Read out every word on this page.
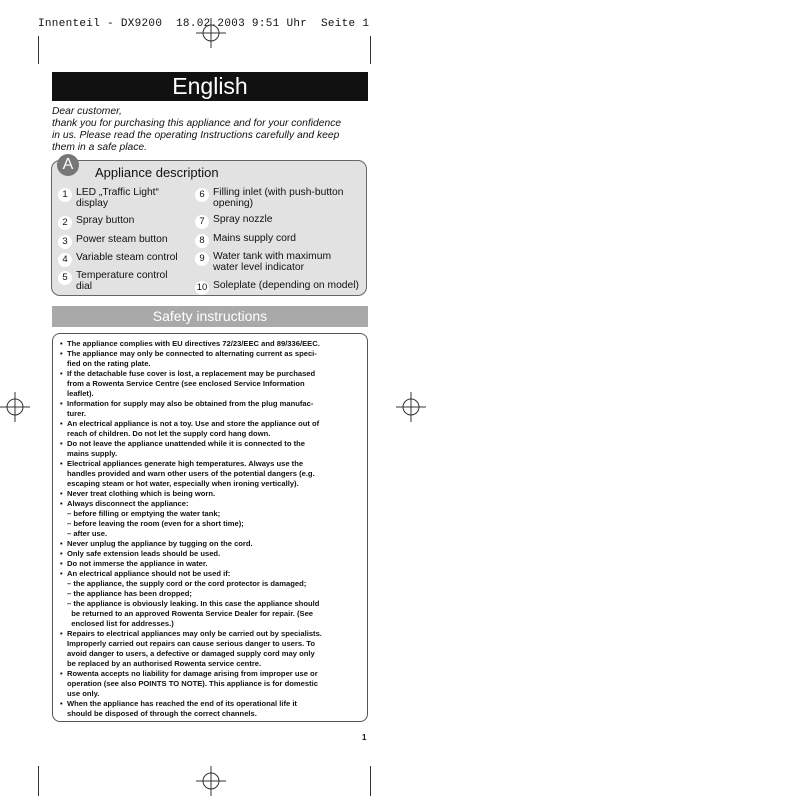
Innenteil - DX9200  18.02.2003 9:51 Uhr  Seite 1
English
Dear customer,
thank you for purchasing this appliance and for your confidence
in us. Please read the operating Instructions carefully and keep
them in a safe place.
A	Appliance description
1 LED „Traffic Light“
display
2 Spray button
3 Power steam button
4 Variable steam control
5 Temperature control
dial
6 Filling inlet (with push-button
opening)
7 Spray nozzle
8 Mains supply cord
9 Water tank with maximum
water level indicator
10 Soleplate (depending on model)
Safety instructions
• The appliance complies with EU directives 72/23/EEC and 89/336/EEC.
• The appliance may only be connected to alternating current as speci-
fied on the rating plate.
• If the detachable fuse cover is lost, a replacement may be purchased
from a Rowenta Service Centre (see enclosed Service Information
leaflet).
• Information for supply may also be obtained from the plug manufac-
turer.
• An electrical appliance is not a toy. Use and store the appliance out of
reach of children. Do not let the supply cord hang down.
• Do not leave the appliance unattended while it is connected to the
mains supply.
• Electrical appliances generate high temperatures. Always use the
handles provided and warn other users of the potential dangers (e.g.
escaping steam or hot water, especially when ironing vertically).
• Never treat clothing which is being worn.
• Always disconnect the appliance:
– before filling or emptying the water tank;
– before leaving the room (even for a short time);
– after use.
• Never unplug the appliance by tugging on the cord.
• Only safe extension leads should be used.
• Do not immerse the appliance in water.
• An electrical appliance should not be used if:
– the appliance, the supply cord or the cord protector is damaged;
– the appliance has been dropped;
– the appliance is obviously leaking. In this case the appliance should
be returned to an approved Rowenta Service Dealer for repair. (See
enclosed list for addresses.)
• Repairs to electrical appliances may only be carried out by specialists.
Improperly carried out repairs can cause serious danger to users. To
avoid danger to users, a defective or damaged supply cord may only
be replaced by an authorised Rowenta service centre.
• Rowenta accepts no liability for damage arising from improper use or
operation (see also POINTS TO NOTE). This appliance is for domestic
use only.
• When the appliance has reached the end of its operational life it
should be disposed of through the correct channels.
1
